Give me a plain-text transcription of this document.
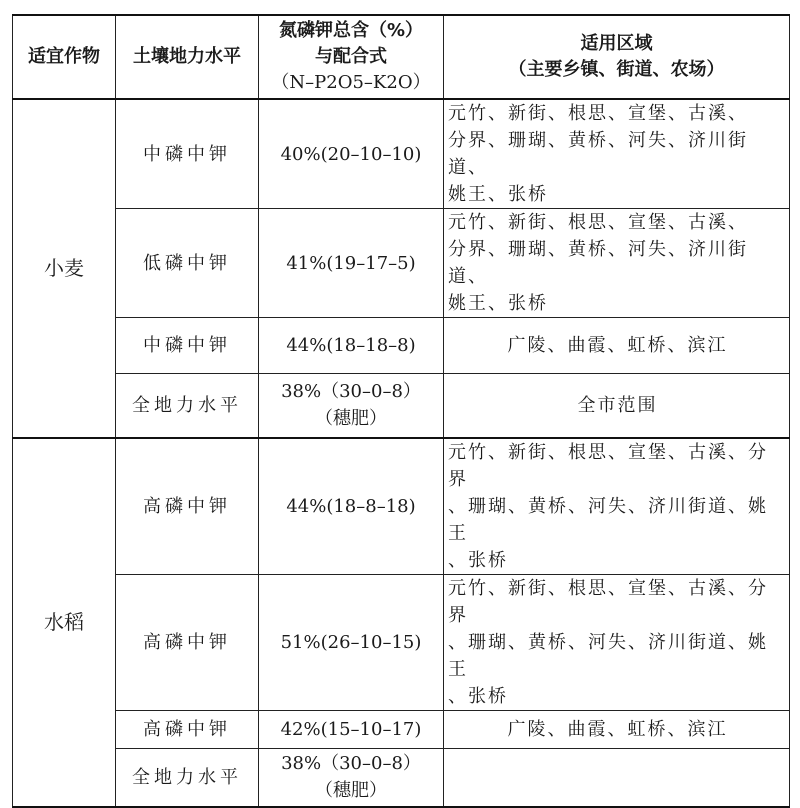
适宜作物	土壤地力水平	氮磷钾总含（%）
与配合式
（N–P2O5–K2O）	适用区域
（主要乡镇、街道、农场）

小麦	中磷中钾	40%(20–10–10)	元竹、新街、根思、宣堡、古溪、
分界、珊瑚、黄桥、河失、济川街道、
姚王、张桥

	低磷中钾	41%(19–17–5)	元竹、新街、根思、宣堡、古溪、
分界、珊瑚、黄桥、河失、济川街道、
姚王、张桥

	中磷中钾	44%(18–18–8)	广陵、曲霞、虹桥、滨江
	全地力水平	38%（30–0–8）
（穗肥）	全市范围
水稻	高磷中钾	44%(18–8–18)	元竹、新街、根思、宣堡、古溪、分界
、珊瑚、黄桥、河失、济川街道、姚王
、张桥

	高磷中钾	51%(26–10–15)	元竹、新街、根思、宣堡、古溪、分界
、珊瑚、黄桥、河失、济川街道、姚王
、张桥

	高磷中钾	42%(15–10–17)	广陵、曲霞、虹桥、滨江
	全地力水平	38%（30–0–8）
（穗肥）	
